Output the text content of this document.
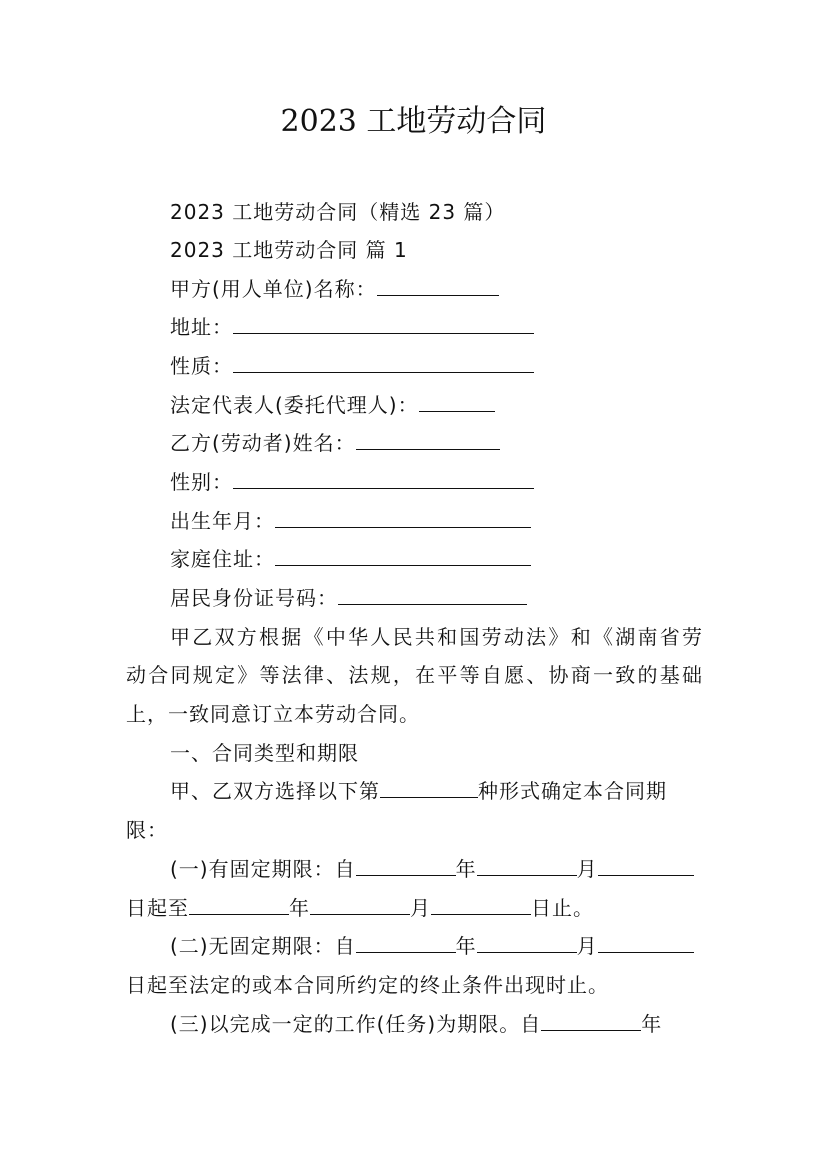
2023 工地劳动合同
2023 工地劳动合同（精选 23 篇）
2023 工地劳动合同 篇 1
甲方(用人单位)名称：
地址：
性质：
法定代表人(委托代理人)：
乙方(劳动者)姓名：
性别：
出生年月：
家庭住址：
居民身份证号码：
甲乙双方根据《中华人民共和国劳动法》和《湖南省劳
动合同规定》等法律、法规，在平等自愿、协商一致的基础
上，一致同意订立本劳动合同。
一、合同类型和期限
甲、乙双方选择以下第	种形式确定本合同期
限：
(一)有固定期限：自	年	月
日起至	年	月	日止。
(二)无固定期限：自	年	月
日起至法定的或本合同所约定的终止条件出现时止。
(三)以完成一定的工作(任务)为期限。自	年
